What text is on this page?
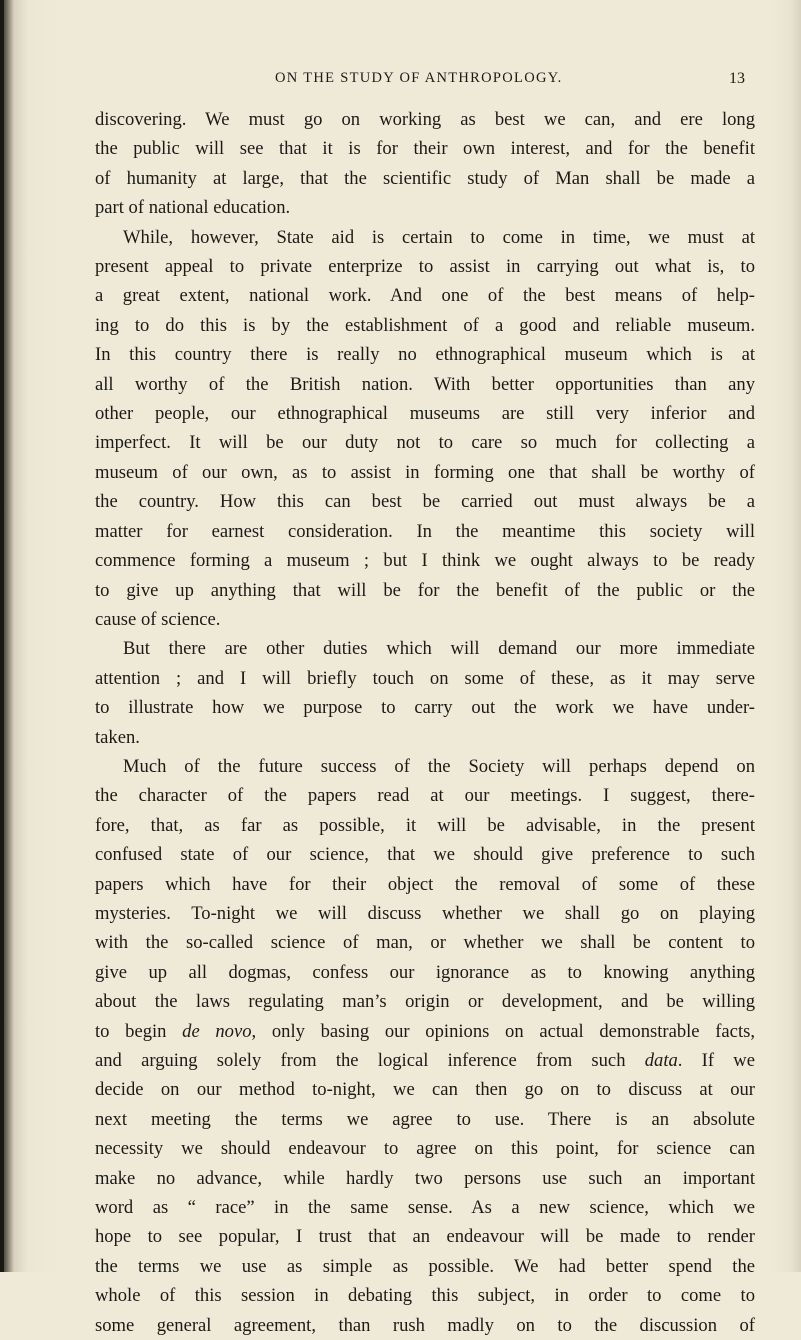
ON THE STUDY OF ANTHROPOLOGY.	13
discovering. We must go on working as best we can, and ere long
the public will see that it is for their own interest, and for the benefit
of humanity at large, that the scientific study of Man shall be made a
part of national education.
While, however, State aid is certain to come in time, we must at
present appeal to private enterprize to assist in carrying out what is, to
a great extent, national work. And one of the best means of help-
ing to do this is by the establishment of a good and reliable museum.
In this country there is really no ethnographical museum which is at
all worthy of the British nation. With better opportunities than any
other people, our ethnographical museums are still very inferior and
imperfect. It will be our duty not to care so much for collecting a
museum of our own, as to assist in forming one that shall be worthy of
the country. How this can best be carried out must always be a
matter for earnest consideration. In the meantime this society will
commence forming a museum ; but I think we ought always to be ready
to give up anything that will be for the benefit of the public or the
cause of science.
But there are other duties which will demand our more immediate
attention ; and I will briefly touch on some of these, as it may serve
to illustrate how we purpose to carry out the work we have under-
taken.
Much of the future success of the Society will perhaps depend on
the character of the papers read at our meetings. I suggest, there-
fore, that, as far as possible, it will be advisable, in the present
confused state of our science, that we should give preference to such
papers which have for their object the removal of some of these
mysteries. To-night we will discuss whether we shall go on playing
with the so-called science of man, or whether we shall be content to
give up all dogmas, confess our ignorance as to knowing anything
about the laws regulating man’s origin or development, and be willing
to begin de novo, only basing our opinions on actual demonstrable facts,
and arguing solely from the logical inference from such data. If we
decide on our method to-night, we can then go on to discuss at our
next meeting the terms we agree to use. There is an absolute
necessity we should endeavour to agree on this point, for science can
make no advance, while hardly two persons use such an important
word as “ race” in the same sense. As a new science, which we
hope to see popular, I trust that an endeavour will be made to render
the terms we use as simple as possible. We had better spend the
whole of this session in debating this subject, in order to come to
some general agreement, than rush madly on to the discussion of
